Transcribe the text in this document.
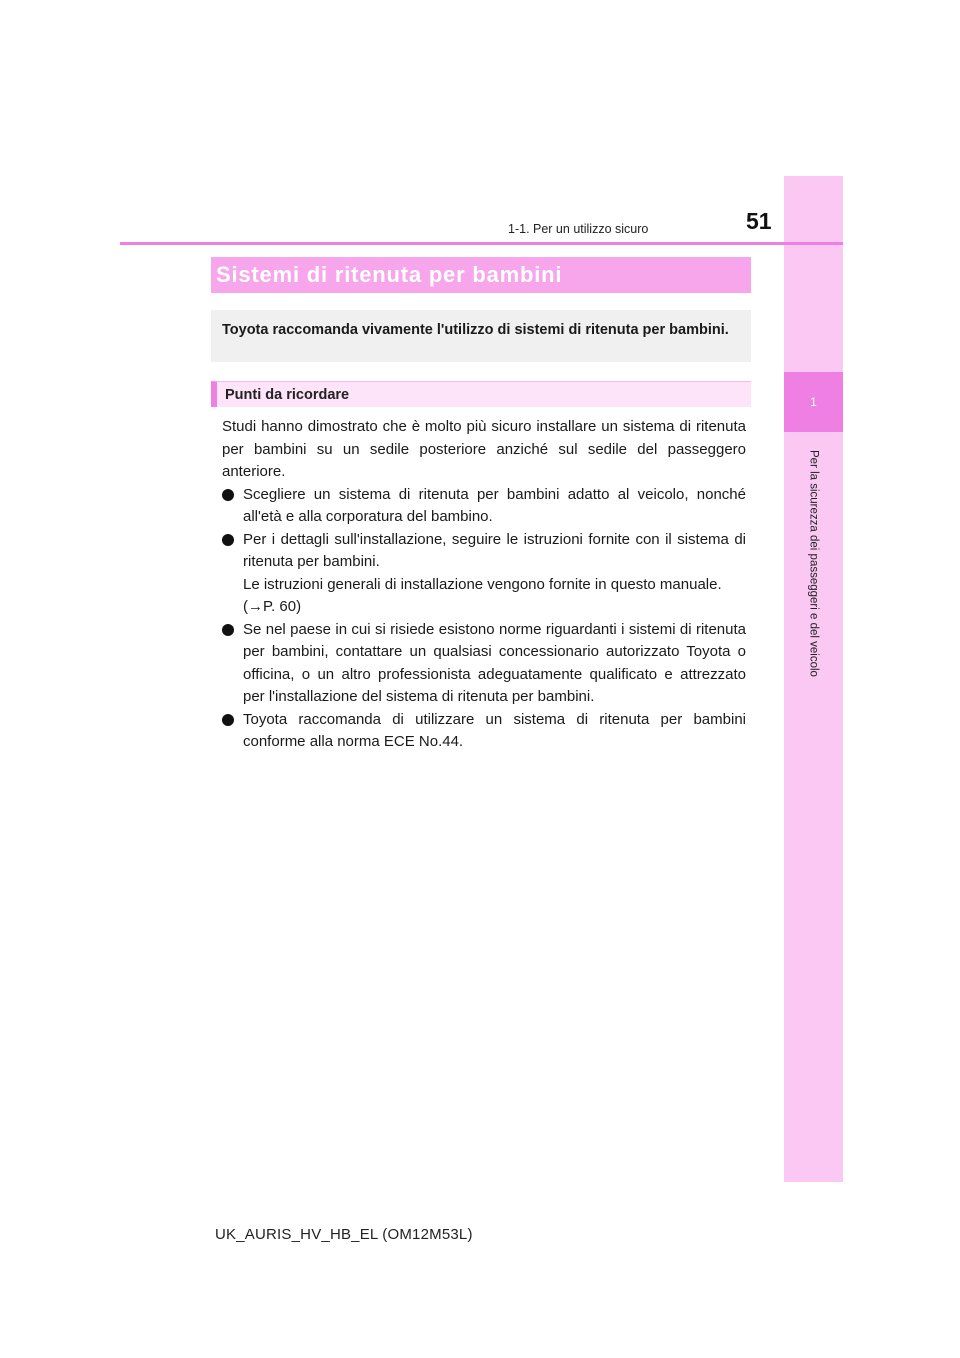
1
Per la sicurezza dei passeggeri e del veicolo
1-1. Per un utilizzo sicuro	51
Sistemi di ritenuta per bambini
Toyota raccomanda vivamente l'utilizzo di sistemi di ritenuta per bambini.
Punti da ricordare

Studi hanno dimostrato che è molto più sicuro installare un sistema di ritenuta per bambini su un sedile posteriore anziché sul sedile del passeggero anteriore.

Scegliere un sistema di ritenuta per bambini adatto al veicolo, nonché all'età e alla corporatura del bambino.

Per i dettagli sull'installazione, seguire le istruzioni fornite con il sistema di ritenuta per bambini.

Le istruzioni generali di installazione vengono fornite in questo manuale.

(→P. 60)

Se nel paese in cui si risiede esistono norme riguardanti i sistemi di ritenuta per bambini, contattare un qualsiasi concessionario autorizzato Toyota o officina, o un altro professionista adeguatamente qualificato e attrezzato per l'installazione del sistema di ritenuta per bambini.

Toyota raccomanda di utilizzare un sistema di ritenuta per bambini conforme alla norma ECE No.44.

UK_AURIS_HV_HB_EL (OM12M53L)
